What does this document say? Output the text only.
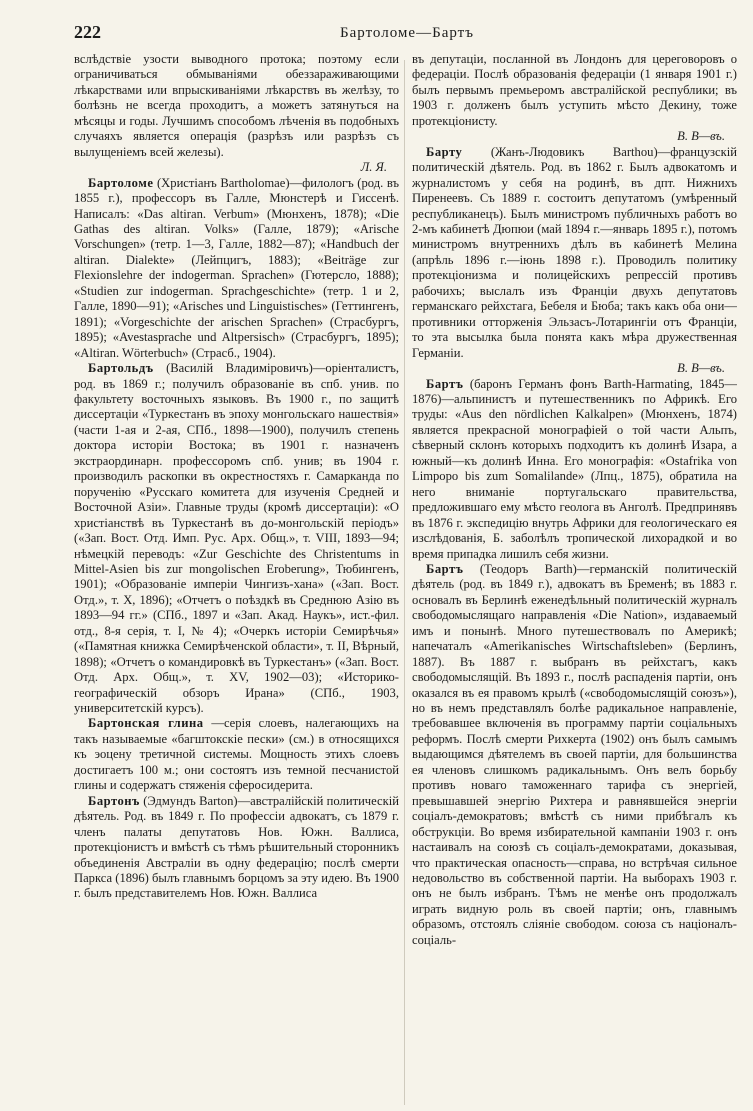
222	Бартоломе—Бартъ

вслѣдствіе узости выводного протока; поэтому если ограничиваться обмываніями обеззараживающими лѣкарствами или впрыскиваніями лѣкарствъ въ желѣзу, то болѣзнь не всегда проходитъ, а можетъ затянуться на мѣсяцы и годы. Лучшимъ способомъ лѣченія въ подобныхъ случаяхъ является операція (разрѣзъ или разрѣзъ съ вылущеніемъ всей железы).
Л. Я.

Бартоломе (Христіанъ Bartholomae)—филологъ (род. въ 1855 г.), профессоръ въ Галле, Мюнстерѣ и Гиссенѣ. Написалъ: «Das altiran. Verbum» (Мюнхенъ, 1878); «Die Gathas des altiran. Volks» (Галле, 1879); «Arische Vorschungen» (тетр. 1—3, Галле, 1882—87); «Handbuch der altiran. Dialekte» (Лейпцигъ, 1883); «Beiträge zur Flexionslehre der indogerman. Sprachen» (Гютерсло, 1888); «Studien zur indogerman. Sprachgeschichte» (тетр. 1 и 2, Галле, 1890—91); «Arisches und Linguistisches» (Геттингенъ, 1891); «Vorgeschichte der arischen Sprachen» (Страсбургъ, 1895); «Avestasprache und Altpersisch» (Страсбургъ, 1895); «Altiran. Wörterbuch» (Страсб., 1904).

Бартольдъ (Василій Владиміровичъ)—оріенталистъ, род. въ 1869 г.; получилъ образованіе въ спб. унив. по факультету восточныхъ языковъ. Въ 1900 г., по защитѣ диссертаціи «Туркестанъ въ эпоху монгольскаго нашествія» (части 1-ая и 2-ая, СПб., 1898—1900), получилъ степень доктора исторіи Востока; въ 1901 г. назначенъ экстраординарн. профессоромъ спб. унив; въ 1904 г. производилъ раскопки въ окрестностяхъ г. Самарканда по порученію «Русскаго комитета для изученія Средней и Восточной Азіи». Главные труды (кромѣ диссертаціи): «О христіанствѣ въ Туркестанѣ въ до-монгольскій періодъ» («Зап. Вост. Отд. Имп. Рус. Арх. Общ.», т. VIII, 1893—94; нѣмецкій переводъ: «Zur Geschichte des Christentums in Mittel-Asien bis zur mongolischen Eroberung», Тюбингенъ, 1901); «Образованіе имперіи Чингизъ-хана» («Зап. Вост. Отд.», т. X, 1896); «Отчетъ о поѣздкѣ въ Среднюю Азію въ 1893—94 гг.» (СПб., 1897 и «Зап. Акад. Наукъ», ист.-фил. отд., 8-я серія, т. I, № 4); «Очеркъ исторіи Семирѣчья» («Памятная книжка Семирѣченской области», т. II, Вѣрный, 1898); «Отчетъ о командировкѣ въ Туркестанъ» («Зап. Вост. Отд. Арх. Общ.», т. XV, 1902—03); «Историко-географическій обзоръ Ирана» (СПб., 1903, университетскій курсъ).

Бартонская глина —серія слоевъ, налегающихъ на такъ называемые «багштокскіе пески» (см.) в относящихся къ эоцену третичной системы. Мощность этихъ слоевъ достигаетъ 100 м.; они состоятъ изъ темной песчанистой глины и содержатъ стяженія сферосидерита.

Бартонъ (Эдмундъ Barton)—австралійскій политическій дѣятель. Род. въ 1849 г. По профессіи адвокатъ, съ 1879 г. членъ палаты депутатовъ Нов. Южн. Валлиса, протекціонистъ и вмѣстѣ съ тѣмъ рѣшительный сторонникъ объединенія Австраліи въ одну федерацію; послѣ смерти Паркса (1896) былъ главнымъ борцомъ за эту идею. Въ 1900 г. былъ представителемъ Нов. Южн. Валлиса

въ депутаціи, посланной въ Лондонъ для цереговоровъ о федераціи. Послѣ образованія федераціи (1 января 1901 г.) былъ первымъ премьеромъ австралійской республики; въ 1903 г. долженъ былъ уступить мѣсто Декину, тоже протекціонисту.
В. В—въ.

Барту (Жанъ-Людовикъ Barthou)—французскій политическій дѣятель. Род. въ 1862 г. Былъ адвокатомъ и журналистомъ у себя на родинѣ, въ дпт. Нижнихъ Пиренеевъ. Съ 1889 г. состоитъ депутатомъ (умѣренный республиканецъ). Былъ министромъ публичныхъ работъ во 2-мъ кабинетѣ Дюпюи (май 1894 г.—январь 1895 г.), потомъ министромъ внутреннихъ дѣлъ въ кабинетѣ Мелина (апрѣль 1896 г.—іюнь 1898 г.). Проводилъ политику протекціонизма и полицейскихъ репрессій противъ рабочихъ; выслалъ изъ Франціи двухъ депутатовъ германскаго рейхстага, Бебеля и Бюба; такъ какъ оба они—противники отторженія Эльзасъ-Лотарингіи отъ Франціи, то эта высылка была понята какъ мѣра дружественная Германіи.
В. В—въ.

Бартъ (баронъ Германъ фонъ Barth-Harmating, 1845—1876)—альпинистъ и путешественникъ по Африкѣ. Его труды: «Aus den nördlichen Kalkalpen» (Мюнхенъ, 1874) является прекрасной монографіей о той части Альпъ, сѣверный склонъ которыхъ подходитъ къ долинѣ Изара, а южный—къ долинѣ Инна. Его монографія: «Ostafrika von Limpopo bis zum Somalilande» (Лпц., 1875), обратила на него вниманіе португальскаго правительства, предложившаго ему мѣсто геолога въ Анголѣ. Предпринявъ въ 1876 г. экспедицію внутрь Африки для геологическаго ея изслѣдованія, Б. заболѣлъ тропической лихорадкой и во время припадка лишилъ себя жизни.

Бартъ (Теодоръ Barth)—германскій политическій дѣятель (род. въ 1849 г.), адвокатъ въ Бременѣ; въ 1883 г. основалъ въ Берлинѣ еженедѣльный политическій журналъ свободомыслящаго направленія «Die Nation», издаваемый имъ и понынѣ. Много путешествовалъ по Америкѣ; напечаталъ «Amerikanisches Wirtschaftsleben» (Берлинъ, 1887). Въ 1887 г. выбранъ въ рейхстагъ, какъ свободомыслящій. Въ 1893 г., послѣ распаденія партіи, онъ оказался въ ея правомъ крылѣ («свободомыслящій союзъ»), но въ немъ представлялъ болѣе радикальное направленіе, требовавшее включенія въ программу партіи соціальныхъ реформъ. Послѣ смерти Рихкерта (1902) онъ былъ самымъ выдающимся дѣятелемъ въ своей партіи, для большинства ея членовъ слишкомъ радикальнымъ. Онъ велъ борьбу противъ новаго таможеннаго тарифа съ энергіей, превышавшей энергію Рихтера и равнявшейся энергіи соціалъ-демократовъ; вмѣстѣ съ ними прибѣгалъ къ обструкціи. Во время избирательной кампаніи 1903 г. онъ настаивалъ на союзѣ съ соціалъ-демократами, доказывая, что практическая опасность—справа, но встрѣчая сильное недовольство въ собственной партіи. На выборахъ 1903 г. онъ не былъ избранъ. Тѣмъ не менѣе онъ продолжалъ играть видную роль въ своей партіи; онъ, главнымъ образомъ, отстоялъ сліяніе свободом. союза съ націоналъ-соціаль-
